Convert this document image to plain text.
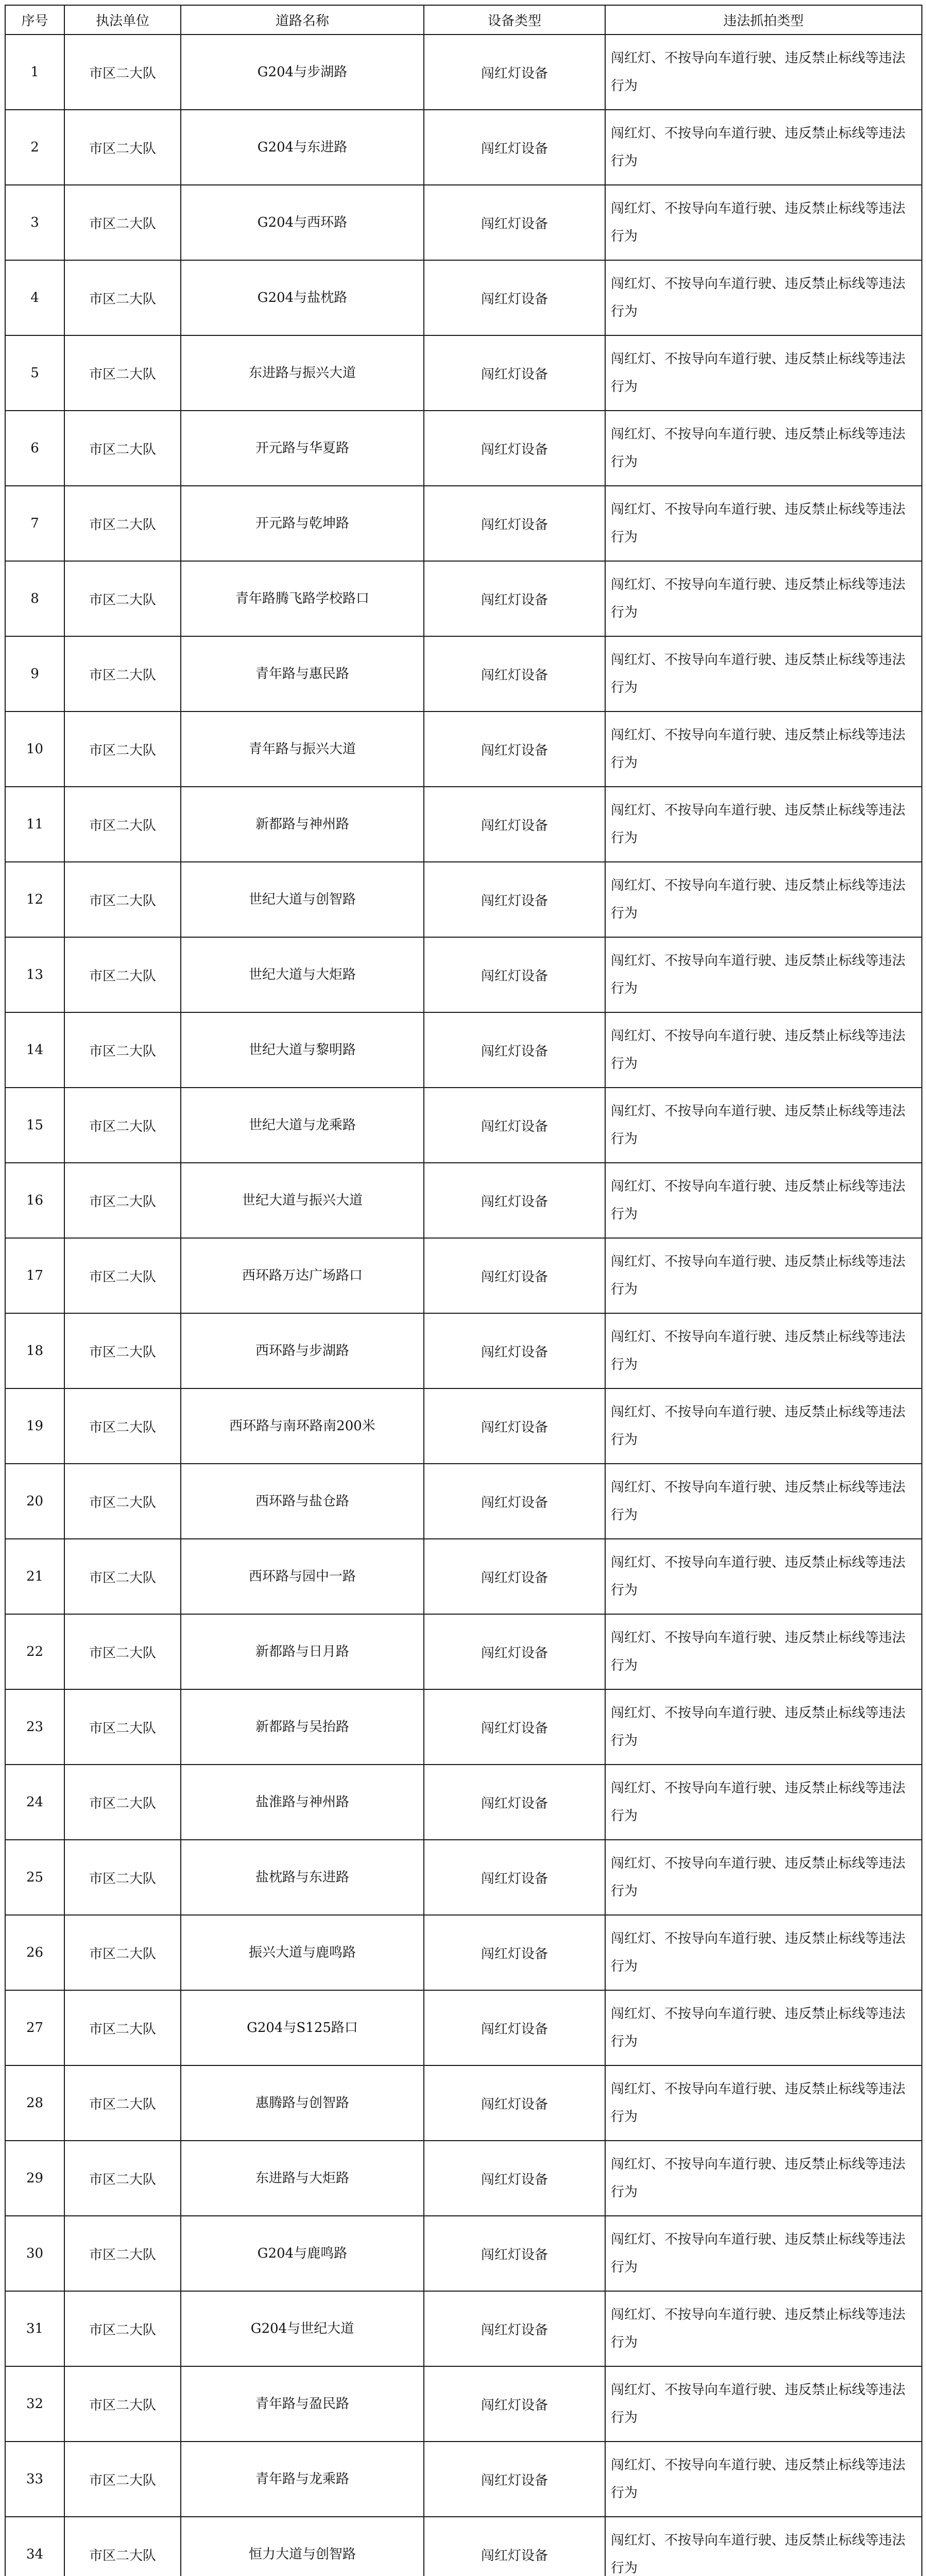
序号	执法单位	道路名称	设备类型	违法抓拍类型
1	市区二大队	G204与步湖路	闯红灯设备	闯红灯、不按导向车道行驶、违反禁止标线等违法行为
2	市区二大队	G204与东进路	闯红灯设备	闯红灯、不按导向车道行驶、违反禁止标线等违法行为
3	市区二大队	G204与西环路	闯红灯设备	闯红灯、不按导向车道行驶、违反禁止标线等违法行为
4	市区二大队	G204与盐枕路	闯红灯设备	闯红灯、不按导向车道行驶、违反禁止标线等违法行为
5	市区二大队	东进路与振兴大道	闯红灯设备	闯红灯、不按导向车道行驶、违反禁止标线等违法行为
6	市区二大队	开元路与华夏路	闯红灯设备	闯红灯、不按导向车道行驶、违反禁止标线等违法行为
7	市区二大队	开元路与乾坤路	闯红灯设备	闯红灯、不按导向车道行驶、违反禁止标线等违法行为
8	市区二大队	青年路腾飞路学校路口	闯红灯设备	闯红灯、不按导向车道行驶、违反禁止标线等违法行为
9	市区二大队	青年路与惠民路	闯红灯设备	闯红灯、不按导向车道行驶、违反禁止标线等违法行为
10	市区二大队	青年路与振兴大道	闯红灯设备	闯红灯、不按导向车道行驶、违反禁止标线等违法行为
11	市区二大队	新都路与神州路	闯红灯设备	闯红灯、不按导向车道行驶、违反禁止标线等违法行为
12	市区二大队	世纪大道与创智路	闯红灯设备	闯红灯、不按导向车道行驶、违反禁止标线等违法行为
13	市区二大队	世纪大道与大炬路	闯红灯设备	闯红灯、不按导向车道行驶、违反禁止标线等违法行为
14	市区二大队	世纪大道与黎明路	闯红灯设备	闯红灯、不按导向车道行驶、违反禁止标线等违法行为
15	市区二大队	世纪大道与龙乘路	闯红灯设备	闯红灯、不按导向车道行驶、违反禁止标线等违法行为
16	市区二大队	世纪大道与振兴大道	闯红灯设备	闯红灯、不按导向车道行驶、违反禁止标线等违法行为
17	市区二大队	西环路万达广场路口	闯红灯设备	闯红灯、不按导向车道行驶、违反禁止标线等违法行为
18	市区二大队	西环路与步湖路	闯红灯设备	闯红灯、不按导向车道行驶、违反禁止标线等违法行为
19	市区二大队	西环路与南环路南200米	闯红灯设备	闯红灯、不按导向车道行驶、违反禁止标线等违法行为
20	市区二大队	西环路与盐仓路	闯红灯设备	闯红灯、不按导向车道行驶、违反禁止标线等违法行为
21	市区二大队	西环路与园中一路	闯红灯设备	闯红灯、不按导向车道行驶、违反禁止标线等违法行为
22	市区二大队	新都路与日月路	闯红灯设备	闯红灯、不按导向车道行驶、违反禁止标线等违法行为
23	市区二大队	新都路与吴抬路	闯红灯设备	闯红灯、不按导向车道行驶、违反禁止标线等违法行为
24	市区二大队	盐淮路与神州路	闯红灯设备	闯红灯、不按导向车道行驶、违反禁止标线等违法行为
25	市区二大队	盐枕路与东进路	闯红灯设备	闯红灯、不按导向车道行驶、违反禁止标线等违法行为
26	市区二大队	振兴大道与鹿鸣路	闯红灯设备	闯红灯、不按导向车道行驶、违反禁止标线等违法行为
27	市区二大队	G204与S125路口	闯红灯设备	闯红灯、不按导向车道行驶、违反禁止标线等违法行为
28	市区二大队	惠腾路与创智路	闯红灯设备	闯红灯、不按导向车道行驶、违反禁止标线等违法行为
29	市区二大队	东进路与大炬路	闯红灯设备	闯红灯、不按导向车道行驶、违反禁止标线等违法行为
30	市区二大队	G204与鹿鸣路	闯红灯设备	闯红灯、不按导向车道行驶、违反禁止标线等违法行为
31	市区二大队	G204与世纪大道	闯红灯设备	闯红灯、不按导向车道行驶、违反禁止标线等违法行为
32	市区二大队	青年路与盈民路	闯红灯设备	闯红灯、不按导向车道行驶、违反禁止标线等违法行为
33	市区二大队	青年路与龙乘路	闯红灯设备	闯红灯、不按导向车道行驶、违反禁止标线等违法行为
34	市区二大队	恒力大道与创智路	闯红灯设备	闯红灯、不按导向车道行驶、违反禁止标线等违法行为
